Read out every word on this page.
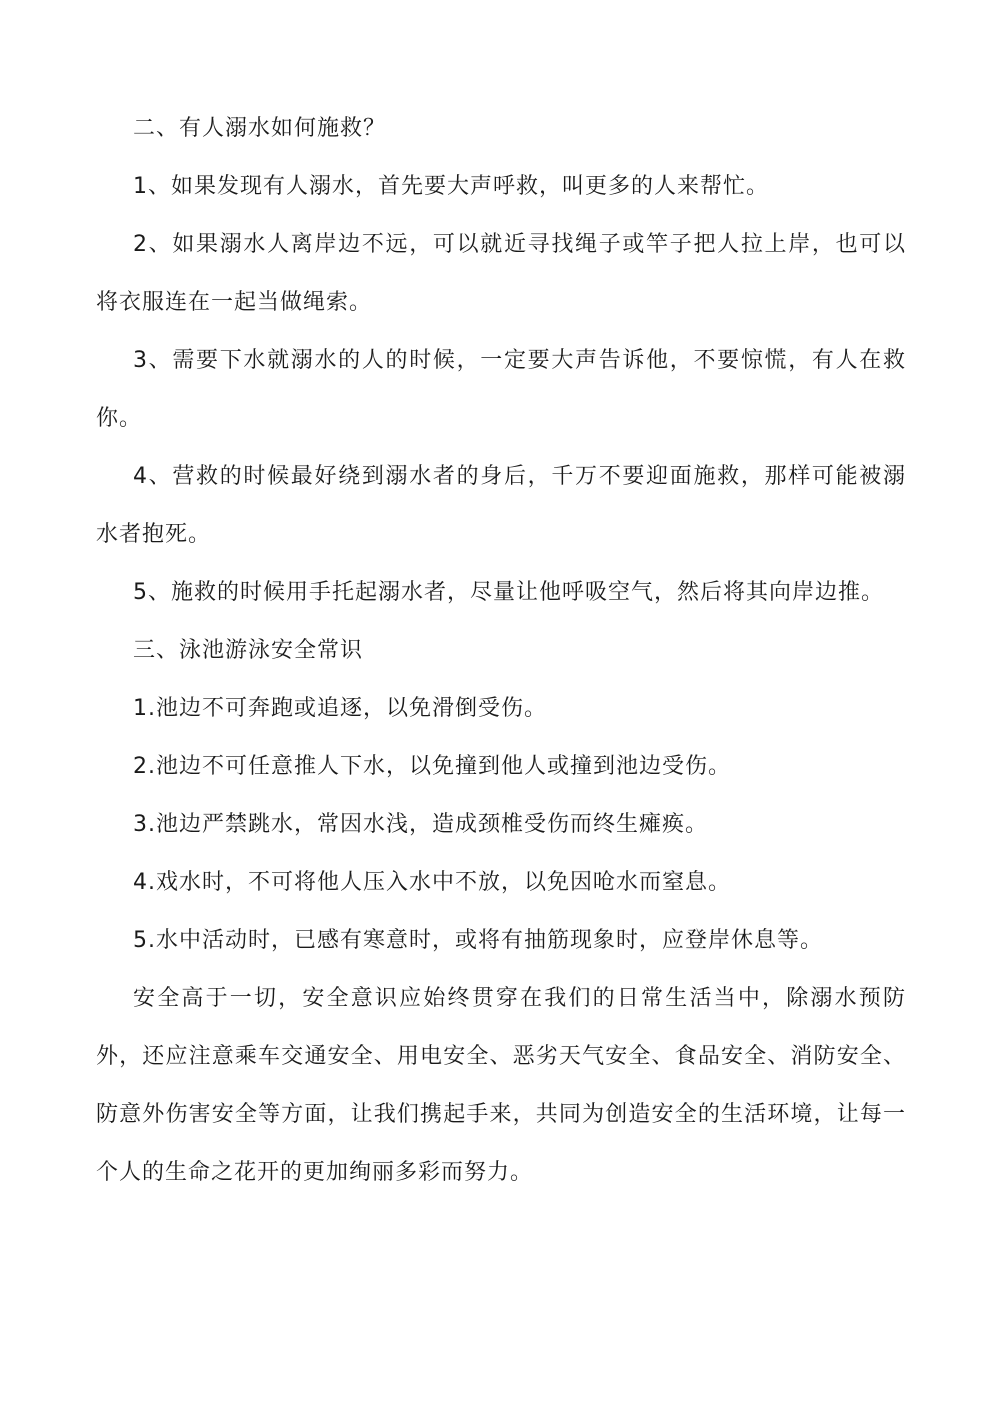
二、有人溺水如何施救？

1、如果发现有人溺水，首先要大声呼救，叫更多的人来帮忙。

2、如果溺水人离岸边不远，可以就近寻找绳子或竿子把人拉上岸，也可以将衣服连在一起当做绳索。

3、需要下水就溺水的人的时候，一定要大声告诉他，不要惊慌，有人在救你。

4、营救的时候最好绕到溺水者的身后，千万不要迎面施救，那样可能被溺水者抱死。

5、施救的时候用手托起溺水者，尽量让他呼吸空气，然后将其向岸边推。

三、泳池游泳安全常识

1.池边不可奔跑或追逐，以免滑倒受伤。

2.池边不可任意推人下水，以免撞到他人或撞到池边受伤。

3.池边严禁跳水，常因水浅，造成颈椎受伤而终生瘫痪。

4.戏水时，不可将他人压入水中不放，以免因呛水而窒息。

5.水中活动时，已感有寒意时，或将有抽筋现象时，应登岸休息等。

安全高于一切，安全意识应始终贯穿在我们的日常生活当中，除溺水预防外，还应注意乘车交通安全、用电安全、恶劣天气安全、食品安全、消防安全、防意外伤害安全等方面，让我们携起手来，共同为创造安全的生活环境，让每一个人的生命之花开的更加绚丽多彩而努力。
